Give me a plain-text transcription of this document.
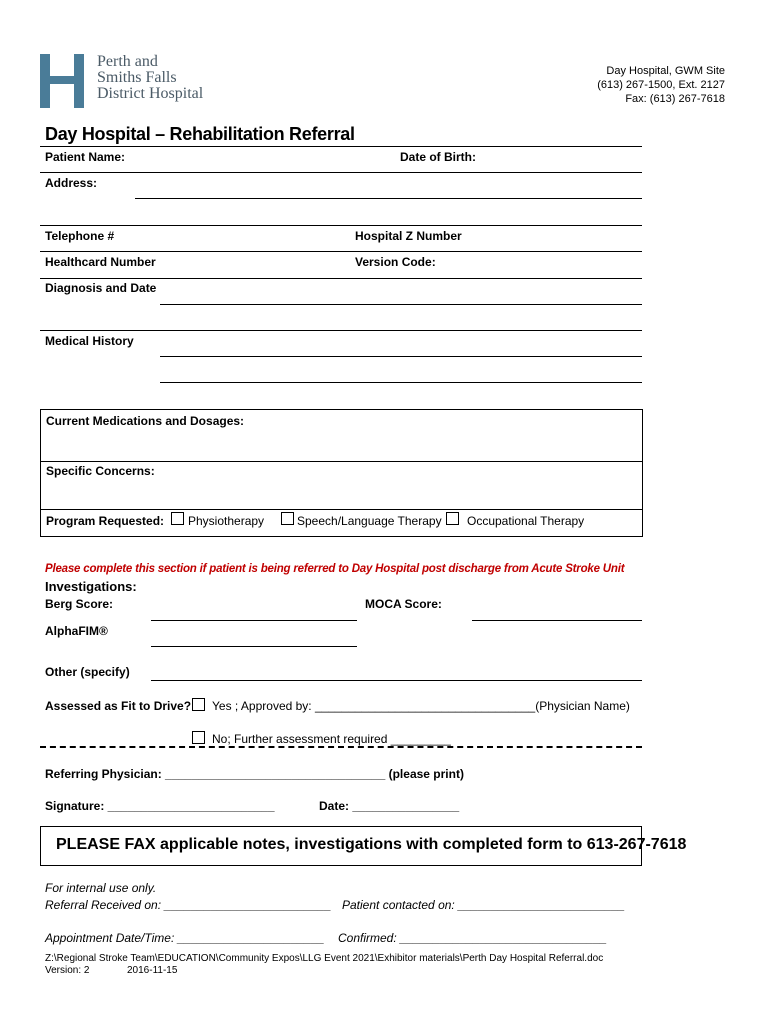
Perth and
Smiths Falls
District Hospital
Day Hospital, GWM Site
(613) 267-1500, Ext. 2127
Fax: (613) 267-7618
Day Hospital – Rehabilitation Referral
Patient Name:	Date of Birth:
Address:
Telephone #	Hospital Z Number
Healthcard Number	Version Code:
Diagnosis and Date
Medical History
Current Medications and Dosages:
Specific Concerns:
Program Requested: Physiotherapy	Speech/Language Therapy Occupational Therapy
Please complete this section if patient is being referred to Day Hospital post discharge from Acute Stroke Unit
Investigations:
Berg Score:	MOCA Score:
AlphaFIM®
Other (specify)
Assessed as Fit to Drive? Yes ; Approved by: _________________________________(Physician Name)
No; Further assessment required _________
Referring Physician: _________________________________ (please print)
Signature: _________________________	Date: ________________
PLEASE FAX applicable notes, investigations with completed form to 613-267-7618
For internal use only.
Referral Received on: _________________________ Patient contacted on: _________________________
Appointment Date/Time: ______________________ Confirmed: _______________________________
Z:\Regional Stroke Team\EDUCATION\Community Expos\LLG Event 2021\Exhibitor materials\Perth Day Hospital Referral.doc
Version: 2	2016-11-15
